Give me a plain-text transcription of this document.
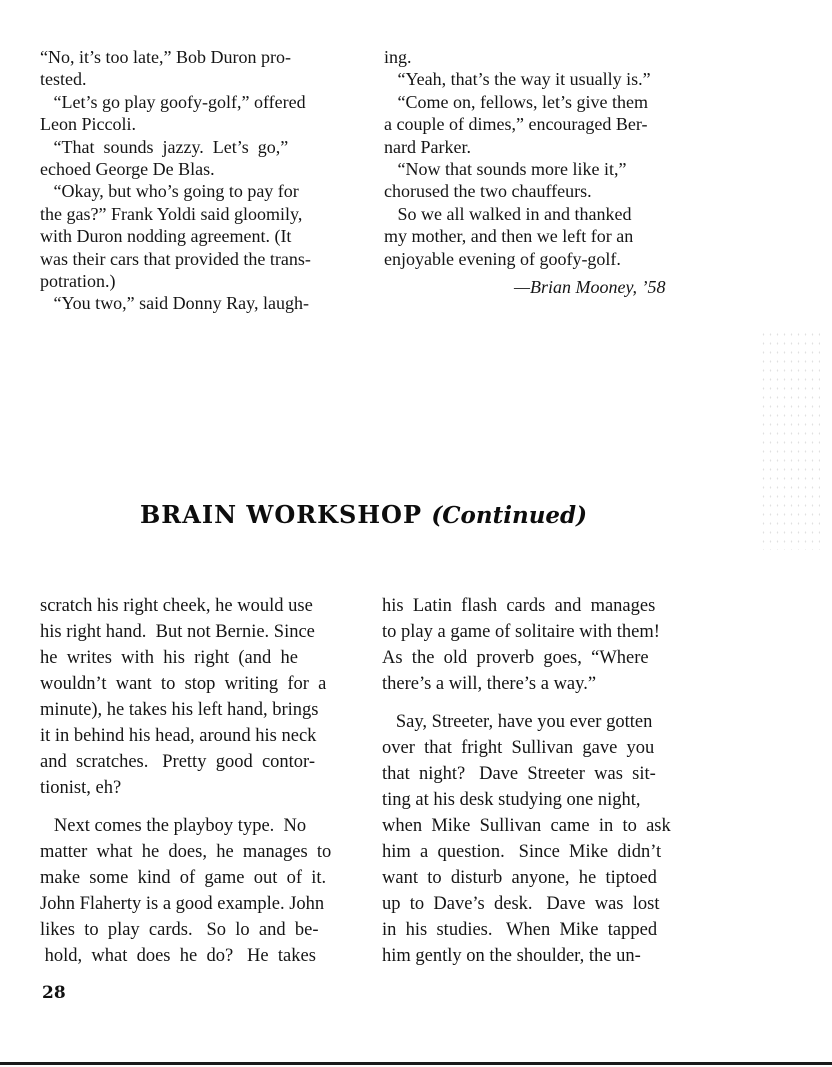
“No, it’s too late,” Bob Duron pro-

tested.

“Let’s go play goofy-golf,” offered

Leon Piccoli.

“That  sounds  jazzy.  Let’s  go,”

echoed George De Blas.

“Okay, but who’s going to pay for

the gas?” Frank Yoldi said gloomily,

with Duron nodding agreement. (It

was their cars that provided the trans-

potration.)

“You two,” said Donny Ray, laugh-

ing.

“Yeah, that’s the way it usually is.”

“Come on, fellows, let’s give them

a couple of dimes,” encouraged Ber-

nard Parker.

“Now that sounds more like it,”

chorused the two chauffeurs.

So we all walked in and thanked

my mother, and then we left for an

enjoyable evening of goofy-golf.

—Brian Mooney, ’58

BRAIN WORKSHOP (Continued)

scratch his right cheek, he would use

his right hand.  But not Bernie. Since

he  writes  with  his  right  (and  he

wouldn’t  want  to  stop  writing  for  a

minute), he takes his left hand, brings

it in behind his head, around his neck

and  scratches.   Pretty  good  contor-

tionist, eh?

Next comes the playboy type.  No

matter  what  he  does,  he  manages  to

make  some  kind  of  game  out  of  it.

John Flaherty is a good example. John

likes  to  play  cards.   So  lo  and  be-

hold,  what  does  he  do?   He  takes

his  Latin  flash  cards  and  manages

to play a game of solitaire with them!

As  the  old  proverb  goes,  “Where

there’s a will, there’s a way.”

Say, Streeter, have you ever gotten

over  that  fright  Sullivan  gave  you

that  night?   Dave  Streeter  was  sit-

ting at his desk studying one night,

when  Mike  Sullivan  came  in  to  ask

him  a  question.   Since  Mike  didn’t

want  to  disturb  anyone,  he  tiptoed

up  to  Dave’s  desk.   Dave  was  lost

in  his  studies.   When  Mike  tapped

him gently on the shoulder, the un-

28
